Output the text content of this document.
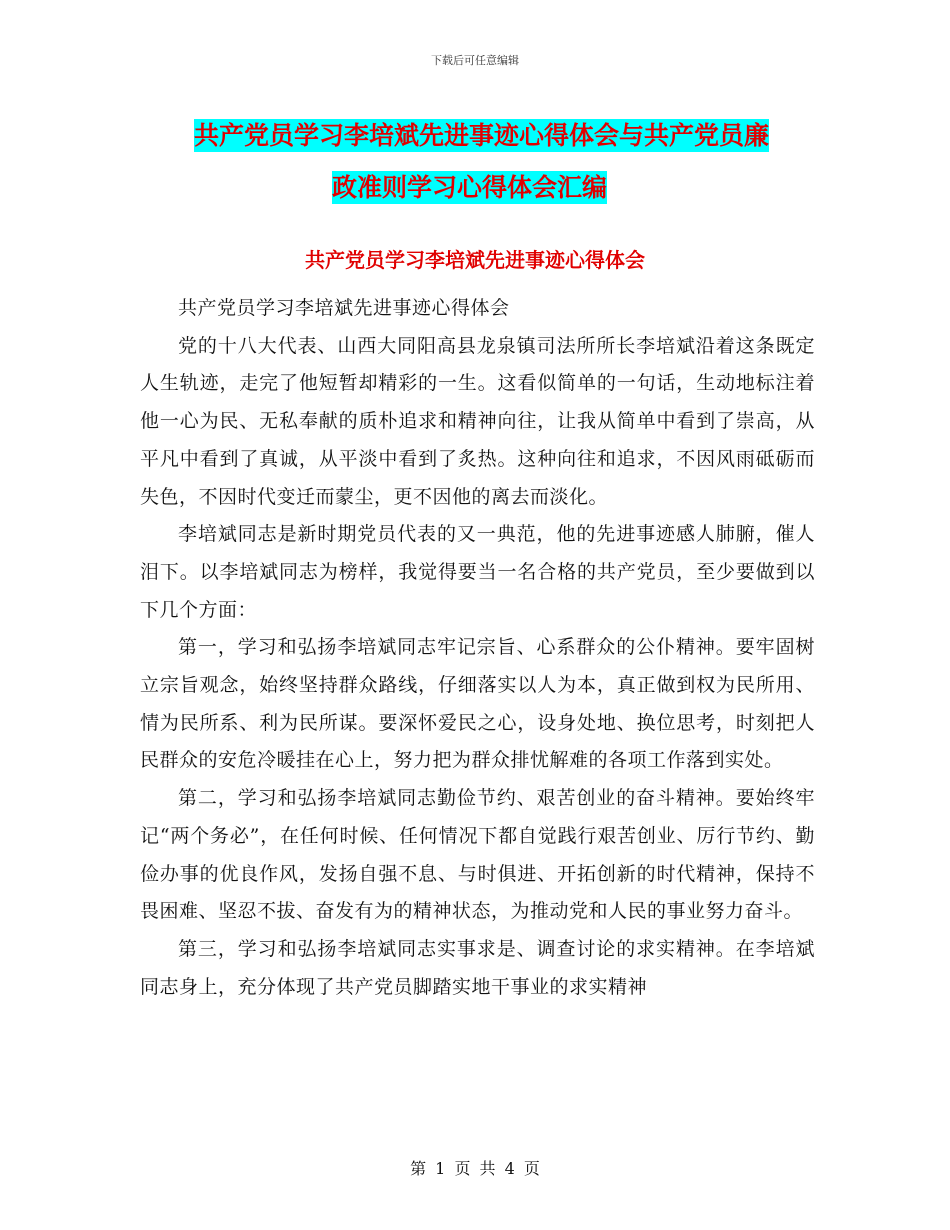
下载后可任意编辑
共产党员学习李培斌先进事迹心得体会与共产党员廉
政准则学习心得体会汇编
共产党员学习李培斌先进事迹心得体会

共产党员学习李培斌先进事迹心得体会

党的十八大代表、山西大同阳高县龙泉镇司法所所长李培斌沿着这条既定人生轨迹，走完了他短暂却精彩的一生。这看似简单的一句话，生动地标注着他一心为民、无私奉献的质朴追求和精神向往，让我从简单中看到了崇高，从平凡中看到了真诚，从平淡中看到了炙热。这种向往和追求，不因风雨砥砺而失色，不因时代变迁而蒙尘，更不因他的离去而淡化。

李培斌同志是新时期党员代表的又一典范，他的先进事迹感人肺腑，催人泪下。以李培斌同志为榜样，我觉得要当一名合格的共产党员，至少要做到以下几个方面：

第一，学习和弘扬李培斌同志牢记宗旨、心系群众的公仆精神。要牢固树立宗旨观念，始终坚持群众路线，仔细落实以人为本，真正做到权为民所用、情为民所系、利为民所谋。要深怀爱民之心，设身处地、换位思考，时刻把人民群众的安危冷暖挂在心上，努力把为群众排忧解难的各项工作落到实处。

第二，学习和弘扬李培斌同志勤俭节约、艰苦创业的奋斗精神。要始终牢记“两个务必”，在任何时候、任何情况下都自觉践行艰苦创业、厉行节约、勤俭办事的优良作风，发扬自强不息、与时俱进、开拓创新的时代精神，保持不畏困难、坚忍不拔、奋发有为的精神状态，为推动党和人民的事业努力奋斗。

第三，学习和弘扬李培斌同志实事求是、调查讨论的求实精神。在李培斌同志身上，充分体现了共产党员脚踏实地干事业的求实精神

第 1 页 共 4 页
